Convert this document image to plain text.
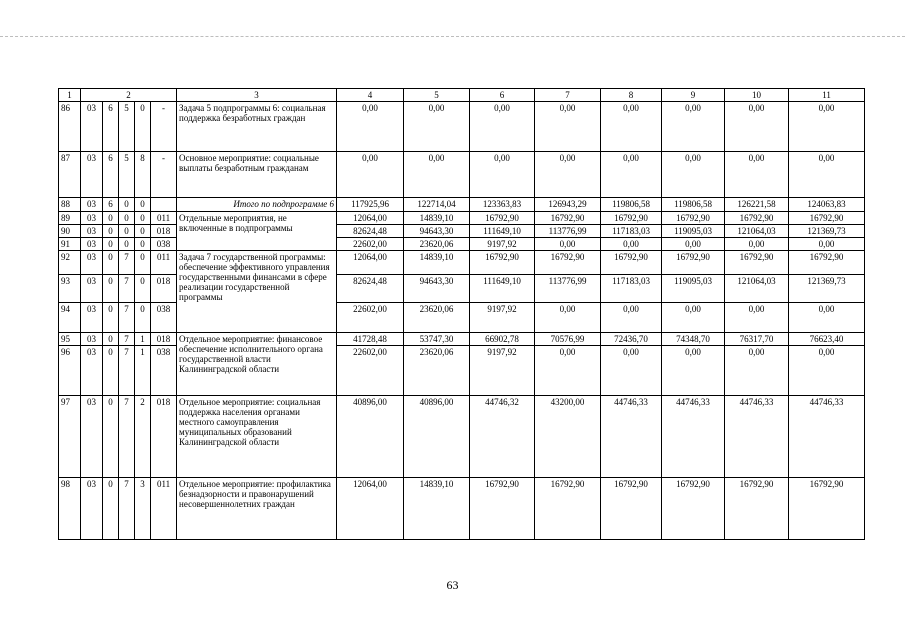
1	2					3	4	5	6	7	8	9	10	11
86	03	6	5	0	-	Задача 5 подпрограммы 6: социальная поддержка безработных граждан	0,00	0,00	0,00	0,00	0,00	0,00	0,00	0,00
87	03	6	5	8	-	Основное мероприятие: социальные выплаты безработным гражданам	0,00	0,00	0,00	0,00	0,00	0,00	0,00	0,00
88	03	6	0	0		Итого по подпрограмме 6	117925,96	122714,04	123363,83	126943,29	119806,58	119806,58	126221,58	124063,83
89	03	0	0	0	011	Отдельные мероприятия, не включенные в подпрограммы	12064,00	14839,10	16792,90	16792,90	16792,90	16792,90	16792,90	16792,90
90	03	0	0	0	018		82624,48	94643,30	111649,10	113776,99	117183,03	119095,03	121064,03	121369,73
91	03	0	0	0	038		22602,00	23620,06	9197,92	0,00	0,00	0,00	0,00	0,00
92	03	0	7	0	011	Задача 7 государственной программы: обеспечение эффективного управления государственными финансами в сфере реализации государственной программы	12064,00	14839,10	16792,90	16792,90	16792,90	16792,90	16792,90	16792,90
93	03	0	7	0	018		82624,48	94643,30	111649,10	113776,99	117183,03	119095,03	121064,03	121369,73
94	03	0	7	0	038		22602,00	23620,06	9197,92	0,00	0,00	0,00	0,00	0,00
95	03	0	7	1	018	Отдельное мероприятие: финансовое обеспечение исполнительного органа государственной власти Калининградской области	41728,48	53747,30	66902,78	70576,99	72436,70	74348,70	76317,70	76623,40
96	03	0	7	1	038		22602,00	23620,06	9197,92	0,00	0,00	0,00	0,00	0,00
97	03	0	7	2	018	Отдельное мероприятие: социальная поддержка населения органами местного самоуправления муниципальных образований Калининградской области	40896,00	40896,00	44746,32	43200,00	44746,33	44746,33	44746,33	44746,33
98	03	0	7	3	011	Отдельное мероприятие: профилактика безнадзорности и правонарушений несовершеннолетних граждан	12064,00	14839,10	16792,90	16792,90	16792,90	16792,90	16792,90	16792,90
63
